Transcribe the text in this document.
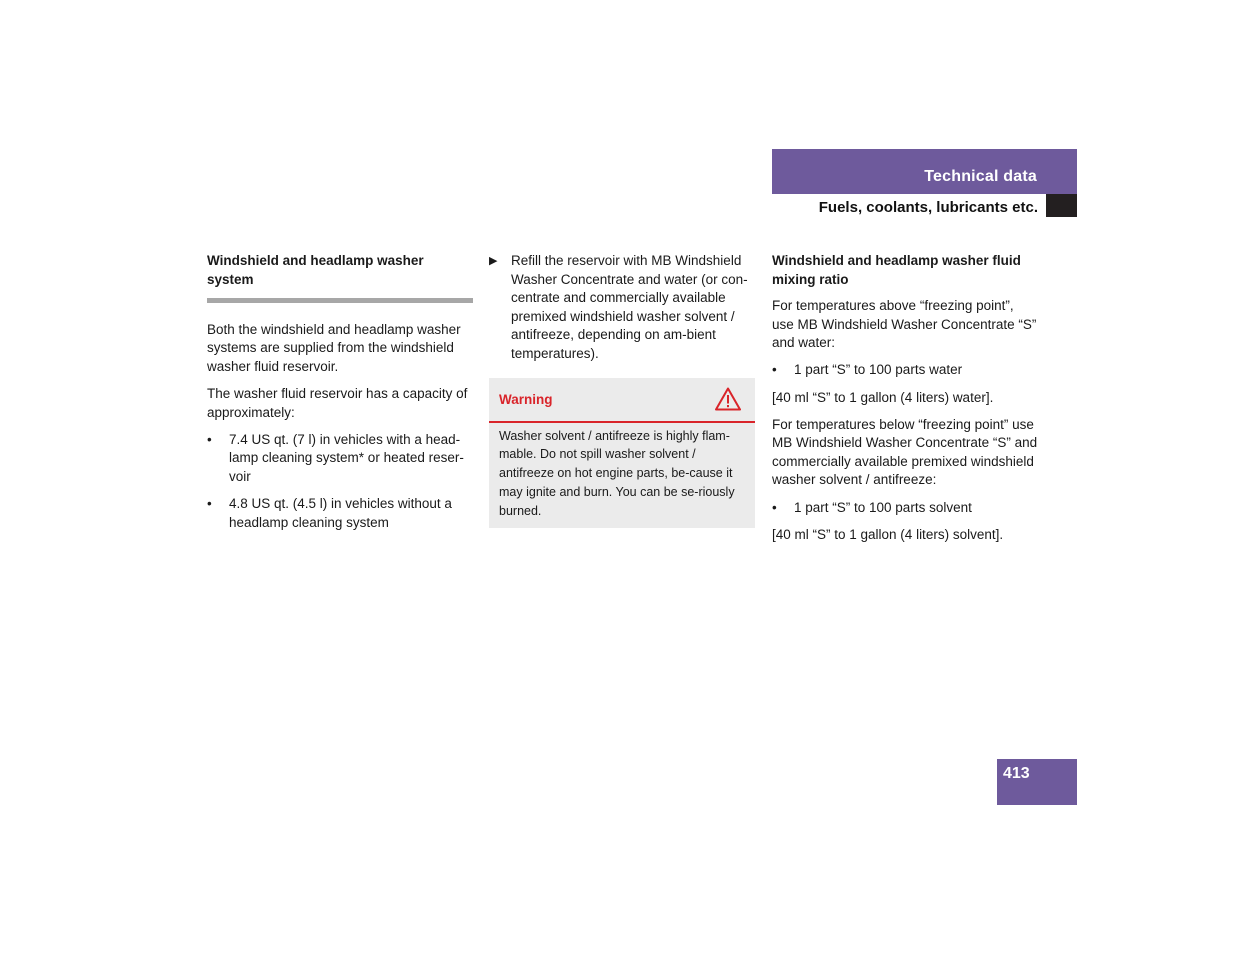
Technical data
Fuels, coolants, lubricants etc.

Windshield and headlamp washer system

Both the windshield and headlamp washer systems are supplied from the windshield washer fluid reservoir.

The washer fluid reservoir has a capacity of approximately:

• 7.4 US qt. (7 l) in vehicles with a head-lamp cleaning system* or heated reser-voir
• 4.8 US qt. (4.5 l) in vehicles without a headlamp cleaning system
▶ Refill the reservoir with MB Windshield Washer Concentrate and water (or con-centrate and commercially available premixed windshield washer solvent / antifreeze, depending on am-bient temperatures).
Warning
Washer solvent / antifreeze is highly flam-mable. Do not spill washer solvent / antifreeze on hot engine parts, be-cause it may ignite and burn. You can be se-riously burned.

Windshield and headlamp washer fluid mixing ratio

For temperatures above “freezing point”, use MB Windshield Washer Concentrate “S” and water:

• 1 part “S” to 100 parts water

[40 ml “S” to 1 gallon (4 liters) water].

For temperatures below “freezing point” use MB Windshield Washer Concentrate “S” and commercially available premixed windshield washer solvent / antifreeze:

• 1 part “S” to 100 parts solvent

[40 ml “S” to 1 gallon (4 liters) solvent].

413
